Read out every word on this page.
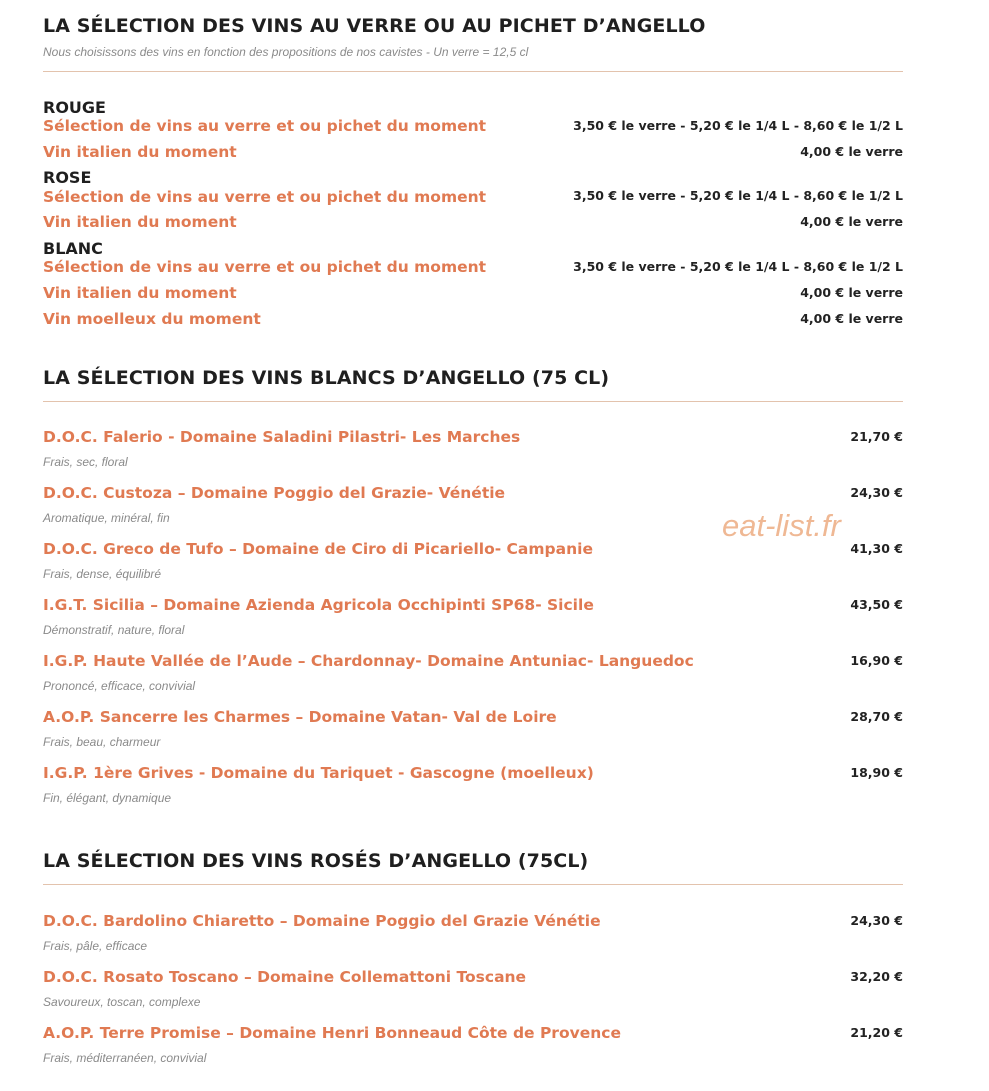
LA SÉLECTION DES VINS AU VERRE OU AU PICHET D’ANGELLO
Nous choisissons des vins en fonction des propositions de nos cavistes - Un verre = 12,5 cl
ROUGE
Sélection de vins au verre et ou pichet du moment	3,50 € le verre - 5,20 € le 1/4 L - 8,60 € le 1/2 L
Vin italien du moment	4,00 € le verre
ROSE
Sélection de vins au verre et ou pichet du moment	3,50 € le verre - 5,20 € le 1/4 L - 8,60 € le 1/2 L
Vin italien du moment	4,00 € le verre
BLANC
Sélection de vins au verre et ou pichet du moment	3,50 € le verre - 5,20 € le 1/4 L - 8,60 € le 1/2 L
Vin italien du moment	4,00 € le verre
Vin moelleux du moment	4,00 € le verre
LA SÉLECTION DES VINS BLANCS D’ANGELLO (75 CL)
D.O.C. Falerio - Domaine Saladini Pilastri- Les Marches	21,70 €
Frais, sec, floral
D.O.C. Custoza – Domaine Poggio del Grazie- Vénétie	24,30 €
Aromatique, minéral, fin
D.O.C. Greco de Tufo – Domaine de Ciro di Picariello- Campanie	41,30 €
Frais, dense, équilibré
I.G.T. Sicilia – Domaine Azienda Agricola Occhipinti SP68- Sicile	43,50 €
Démonstratif, nature, floral
I.G.P. Haute Vallée de l’Aude – Chardonnay- Domaine Antuniac- Languedoc	16,90 €
Prononcé, efficace, convivial
A.O.P. Sancerre les Charmes – Domaine Vatan- Val de Loire	28,70 €
Frais, beau, charmeur
I.G.P. 1ère Grives - Domaine du Tariquet - Gascogne (moelleux)	18,90 €
Fin, élégant, dynamique
LA SÉLECTION DES VINS ROSÉS D’ANGELLO (75CL)
D.O.C. Bardolino Chiaretto – Domaine Poggio del Grazie Vénétie	24,30 €
Frais, pâle, efficace
D.O.C. Rosato Toscano – Domaine Collemattoni Toscane	32,20 €
Savoureux, toscan, complexe
A.O.P. Terre Promise – Domaine Henri Bonneaud Côte de Provence	21,20 €
Frais, méditerranéen, convivial
eat-list.fr
